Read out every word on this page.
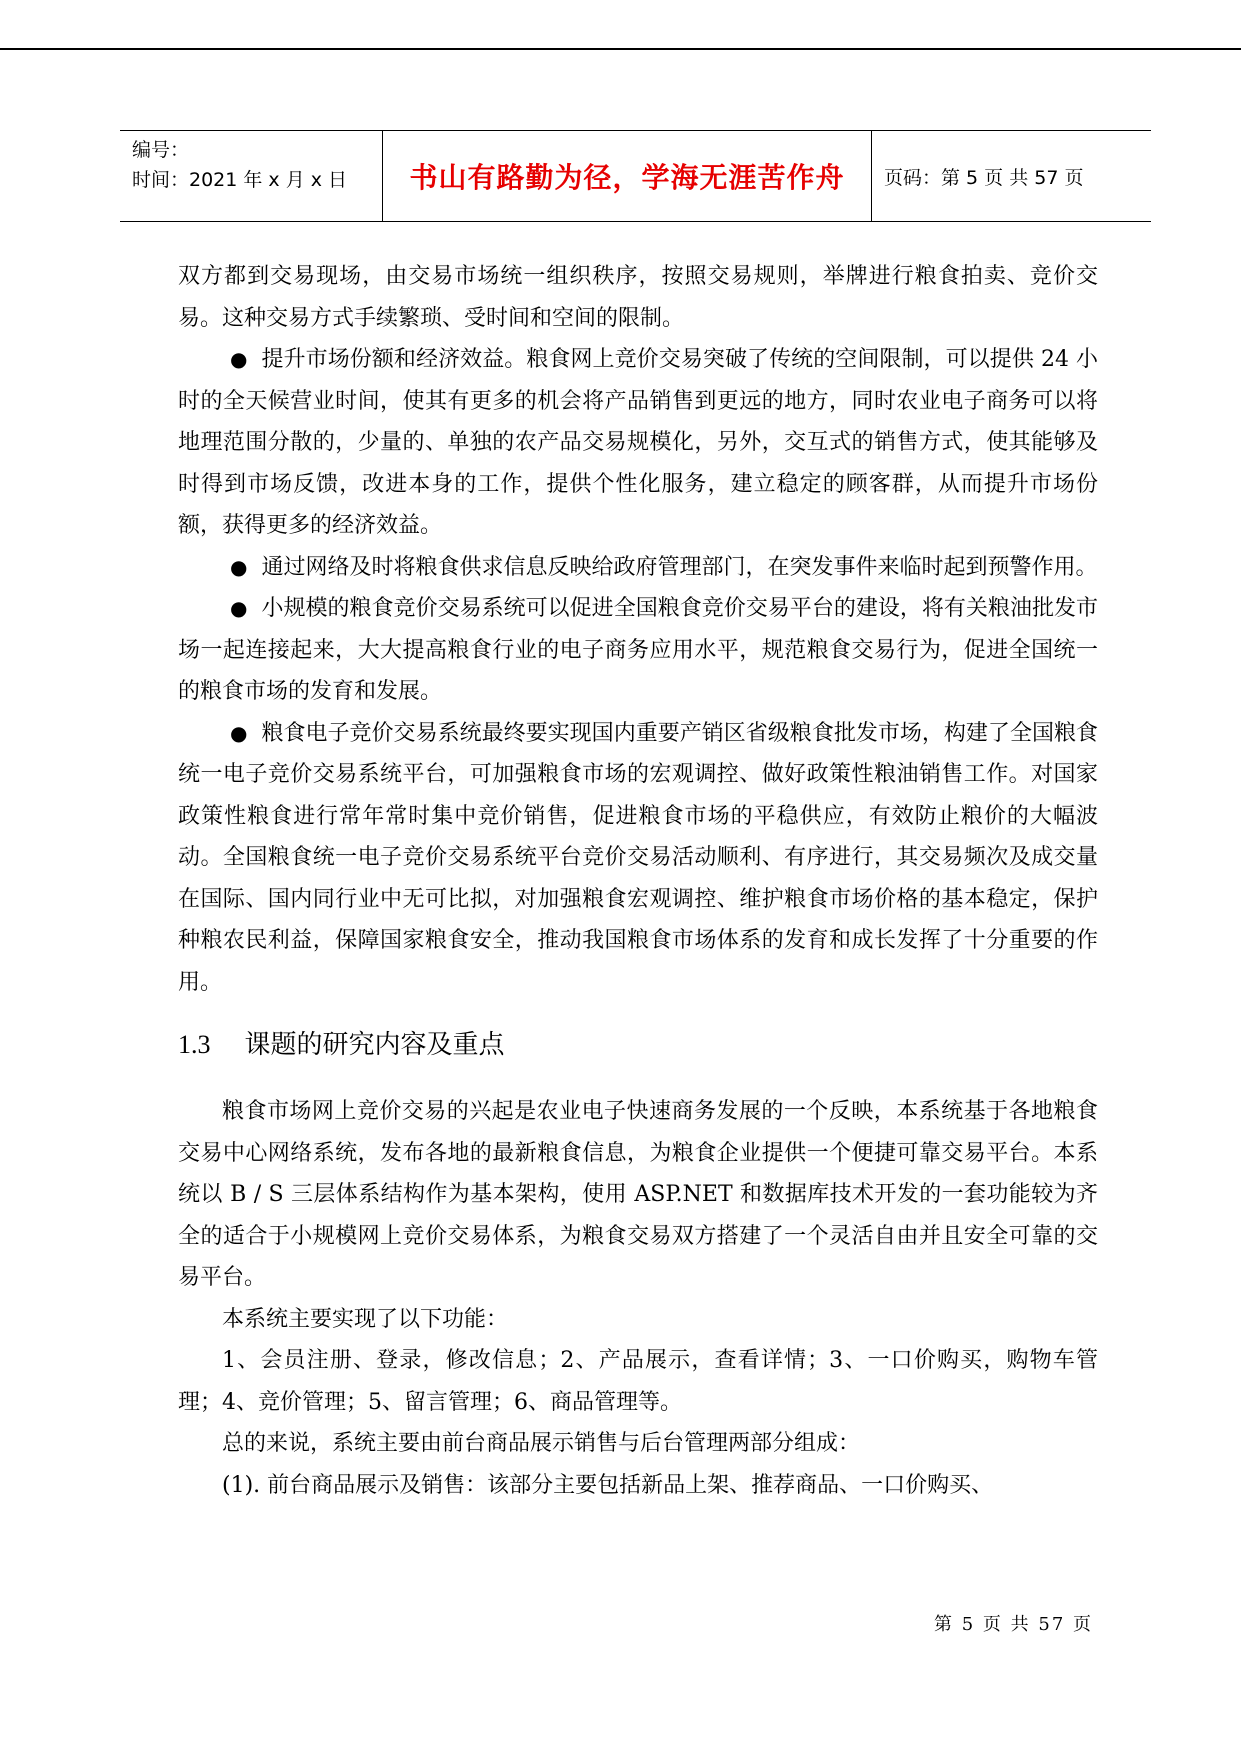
编号：
时间：2021 年 x 月 x 日	书山有路勤为径，学海无涯苦作舟 页码：第 5 页 共 57 页

双方都到交易现场，由交易市场统一组织秩序，按照交易规则，举牌进行粮食拍卖、竞价交易。这种交易方式手续繁琐、受时间和空间的限制。

● 提升市场份额和经济效益。粮食网上竞价交易突破了传统的空间限制，可以提供 24 小时的全天候营业时间，使其有更多的机会将产品销售到更远的地方，同时农业电子商务可以将地理范围分散的，少量的、单独的农产品交易规模化，另外，交互式的销售方式，使其能够及时得到市场反馈，改进本身的工作，提供个性化服务，建立稳定的顾客群，从而提升市场份额，获得更多的经济效益。

● 通过网络及时将粮食供求信息反映给政府管理部门，在突发事件来临时起到预警作用。

● 小规模的粮食竞价交易系统可以促进全国粮食竞价交易平台的建设，将有关粮油批发市场一起连接起来，大大提高粮食行业的电子商务应用水平，规范粮食交易行为，促进全国统一的粮食市场的发育和发展。

● 粮食电子竞价交易系统最终要实现国内重要产销区省级粮食批发市场，构建了全国粮食统一电子竞价交易系统平台，可加强粮食市场的宏观调控、做好政策性粮油销售工作。对国家政策性粮食进行常年常时集中竞价销售，促进粮食市场的平稳供应，有效防止粮价的大幅波动。全国粮食统一电子竞价交易系统平台竞价交易活动顺利、有序进行，其交易频次及成交量在国际、国内同行业中无可比拟，对加强粮食宏观调控、维护粮食市场价格的基本稳定，保护种粮农民利益，保障国家粮食安全，推动我国粮食市场体系的发育和成长发挥了十分重要的作用。

1.3 课题的研究内容及重点

粮食市场网上竞价交易的兴起是农业电子快速商务发展的一个反映，本系统基于各地粮食交易中心网络系统，发布各地的最新粮食信息，为粮食企业提供一个便捷可靠交易平台。本系统以 B / S 三层体系结构作为基本架构，使用 ASP.NET 和数据库技术开发的一套功能较为齐全的适合于小规模网上竞价交易体系，为粮食交易双方搭建了一个灵活自由并且安全可靠的交易平台。

本系统主要实现了以下功能：

1、会员注册、登录，修改信息；2、产品展示，查看详情；3、一口价购买，购物车管理；4、竞价管理；5、留言管理；6、商品管理等。

总的来说，系统主要由前台商品展示销售与后台管理两部分组成：

(1). 前台商品展示及销售：该部分主要包括新品上架、推荐商品、一口价购买、

第 5 页 共 57 页
